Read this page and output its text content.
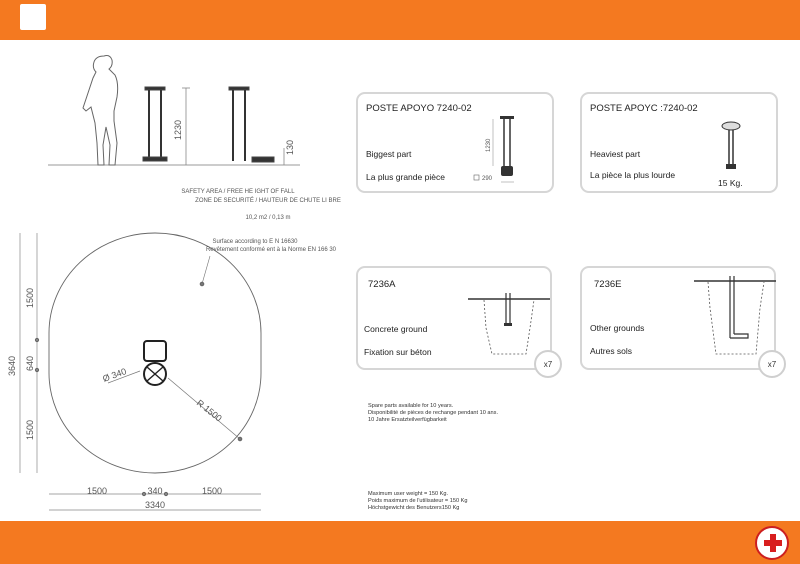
1230
130
SAFETY AREA / FREE HE IGHT OF FALL
ZONE DE SECURITÉ / HAUTEUR DE CHUTE LI BRE
10,2 m2 / 0,13 m
Surface according to E N 16630
Revêtement conformé ent à la Norme EN 166 30
3640
1500
640
1500
Ø 340
R 1500
1500	340	1500
3340
POSTE APOYO 7240-02
Biggest part
La plus grande pièce
1230
290
POSTE APOYC :7240-02
Heaviest part
La pièce la plus lourde
15 Kg.
7236A
Concrete ground
Fixation sur béton
x7
7236E
Other grounds
Autres sols
x7
Spare parts available for 10 years.
Disponibilité de pièces de rechange pendant 10 ans.
10 Jahre Ersatzteilverfügbarkeit
Maximum user weight = 150 Kg.
Poids maximum de l'utilisateur = 150 Kg
Höchstgewicht des Benutzers150 Kg
